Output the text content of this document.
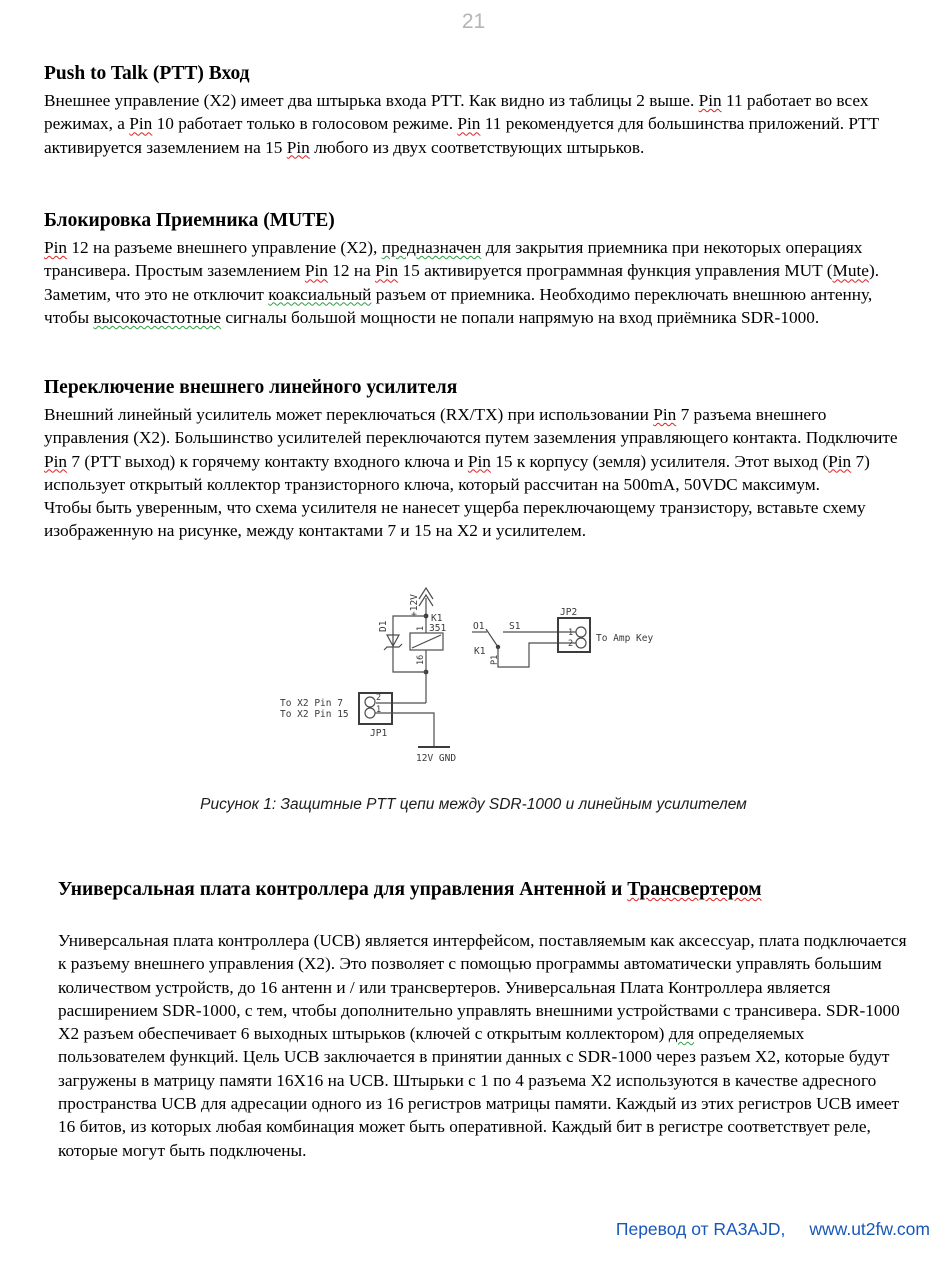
21
Push to Talk (PTT) Вход

Внешнее управление (X2) имеет два штырька входа PTT. Как видно из таблицы 2 выше. Pin 11 работает во всех режимах, а Pin 10 работает только в голосовом режиме. Pin 11 рекомендуется для большинства приложений. PTT активируется заземлением на 15 Pin любого из двух соответствующих штырьков.

Блокировка Приемника (MUTE)

Pin 12 на разъеме внешнего управление (X2), предназначен для закрытия приемника при некоторых операциях трансивера. Простым заземлением Pin 12 на Pin 15 активируется программная функция управления MUT (Mute). Заметим, что это не отключит коаксиальный разъем от приемника. Необходимо переключать внешнюю антенну, чтобы высокочастотные сигналы большой мощности не попали напрямую на вход приёмника SDR-1000.

Переключение внешнего линейного усилителя

Внешний линейный усилитель может переключаться (RX/TX) при использовании Pin 7 разъема внешнего управления (X2). Большинство усилителей переключаются путем заземления управляющего контакта. Подключите Pin 7 (PTT выход) к горячему контакту входного ключа и Pin 15 к корпусу (земля) усилителя. Этот выход (Pin 7) использует открытый коллектор транзисторного ключа, который рассчитан на 500mA, 50VDC максимум.

Чтобы быть уверенным, что схема усилителя не нанесет ущерба переключающему транзистору, вставьте схему изображенную на рисунке, между контактами 7 и 15 на X2 и усилителем.

+12V
D1
K1
351
1
16
2
1
JP1
To X2 Pin 7
To X2 Pin 15
12V GND
O1	S1
K1
P1
JP2
1
2 To Amp Key
Рисунок 1: Защитные PTT цепи между SDR-1000 и линейным усилителем
Универсальная плата контроллера для управления Антенной и Трансвертером

Универсальная плата контроллера (UCB) является интерфейсом, поставляемым как аксессуар, плата подключается к разъему внешнего управления (X2). Это позволяет с помощью программы автоматически управлять большим количеством устройств, до 16 антенн и / или трансвертеров. Универсальная Плата Контроллера является расширением SDR-1000, с тем, чтобы дополнительно управлять внешними устройствами с трансивера. SDR-1000 X2 разъем обеспечивает 6 выходных штырьков (ключей с открытым коллектором) для определяемых пользователем функций. Цель UCB заключается в принятии данных с SDR-1000 через разъем X2, которые будут загружены в матрицу памяти 16X16 на UCB. Штырьки с 1 по 4 разъема X2 используются в качестве адресного пространства UCB для адресации одного из 16 регистров матрицы памяти. Каждый из этих регистров UCB имеет 16 битов, из которых любая комбинация может быть оперативной. Каждый бит в регистре соответствует реле, которые могут быть подключены.

Перевод от RA3AJD, www.ut2fw.com
